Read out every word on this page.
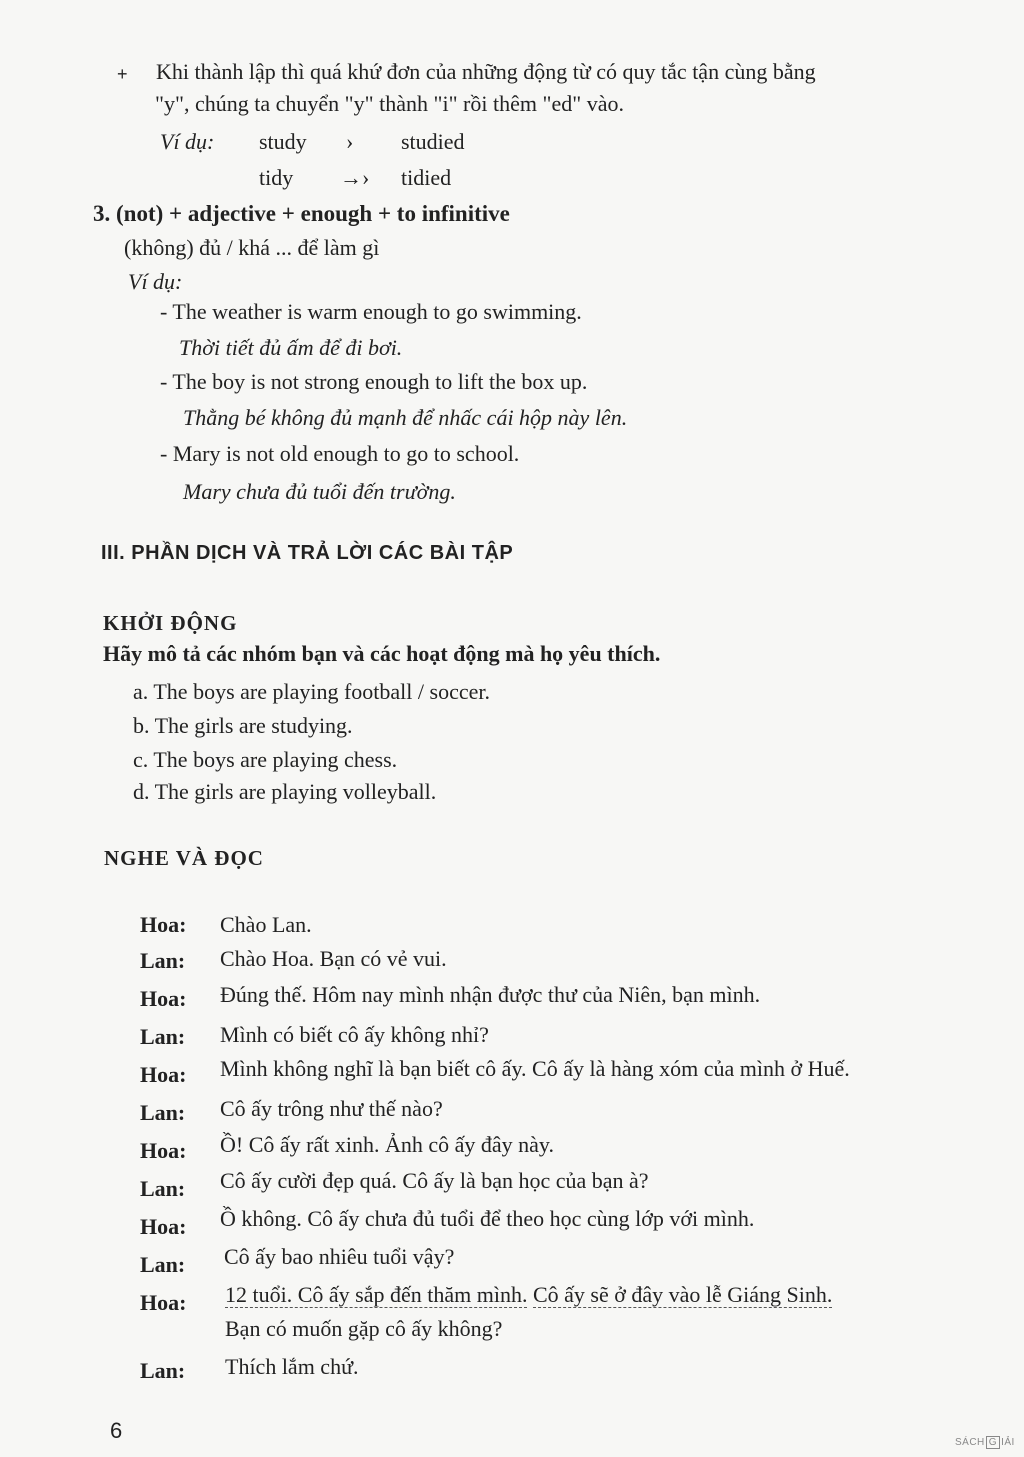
+ Khi thành lập thì quá khứ đơn của những động từ có quy tắc tận cùng bằng
"y", chúng ta chuyển "y" thành "i" rồi thêm "ed" vào.
Ví dụ: study › studied
tidy →› tidied
3. (not) + adjective + enough + to infinitive
(không) đủ / khá ... để làm gì
Ví dụ:
- The weather is warm enough to go swimming.
Thời tiết đủ ấm để đi bơi.
- The boy is not strong enough to lift the box up.
Thằng bé không đủ mạnh để nhấc cái hộp này lên.
- Mary is not old enough to go to school.
Mary chưa đủ tuổi đến trường.
III. PHẦN DỊCH VÀ TRẢ LỜI CÁC BÀI TẬP
KHỞI ĐỘNG
Hãy mô tả các nhóm bạn và các hoạt động mà họ yêu thích.
a. The boys are playing football / soccer.
b. The girls are studying.
c. The boys are playing chess.
d. The girls are playing volleyball.
NGHE VÀ ĐỌC
Hoa: Chào Lan.
Lan: Chào Hoa. Bạn có vẻ vui.
Hoa: Đúng thế. Hôm nay mình nhận được thư của Niên, bạn mình.
Lan: Mình có biết cô ấy không nhỉ?
Hoa: Mình không nghĩ là bạn biết cô ấy. Cô ấy là hàng xóm của mình ở Huế.
Lan: Cô ấy trông như thế nào?
Hoa: Ồ! Cô ấy rất xinh. Ảnh cô ấy đây này.
Lan: Cô ấy cười đẹp quá. Cô ấy là bạn học của bạn à?
Hoa: Ồ không. Cô ấy chưa đủ tuổi để theo học cùng lớp với mình.
Lan: Cô ấy bao nhiêu tuổi vậy?
Hoa: 12 tuổi. Cô ấy sắp đến thăm mình. Cô ấy sẽ ở đây vào lễ Giáng Sinh.
Bạn có muốn gặp cô ấy không?
Lan: Thích lắm chứ.
6	SÁCH G IẢI
